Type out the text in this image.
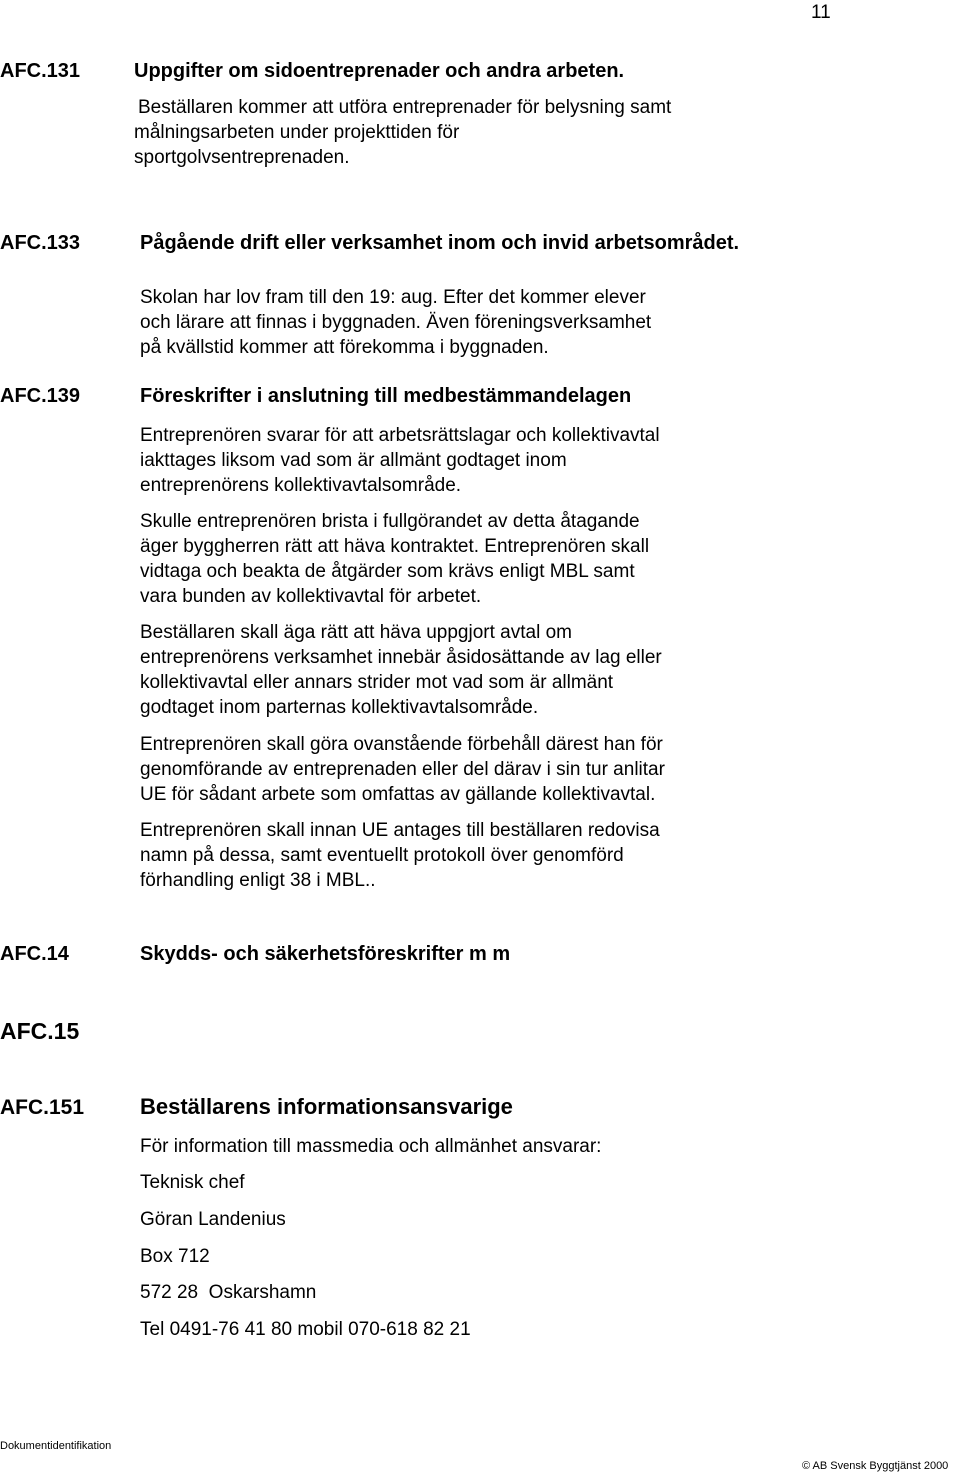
11
AFC.131	Uppgifter om sidoentreprenader och andra arbeten.
Beställaren kommer att utföra entreprenader för belysning samt
målningsarbeten under projekttiden för
sportgolvsentreprenaden.
AFC.133	Pågående drift eller verksamhet inom och invid arbetsområdet.
Skolan har lov fram till den 19: aug. Efter det kommer elever
och lärare att finnas i byggnaden. Även föreningsverksamhet
på kvällstid kommer att förekomma i byggnaden.
AFC.139	Föreskrifter i anslutning till medbestämmandelagen
Entreprenören svarar för att arbetsrättslagar och kollektivavtal
iakttages liksom vad som är allmänt godtaget inom
entreprenörens kollektivavtalsområde.
Skulle entreprenören brista i fullgörandet av detta åtagande
äger byggherren rätt att häva kontraktet. Entreprenören skall
vidtaga och beakta de åtgärder som krävs enligt MBL samt
vara bunden av kollektivavtal för arbetet.
Beställaren skall äga rätt att häva uppgjort avtal om
entreprenörens verksamhet innebär åsidosättande av lag eller
kollektivavtal eller annars strider mot vad som är allmänt
godtaget inom parternas kollektivavtalsområde.
Entreprenören skall göra ovanstående förbehåll därest han för
genomförande av entreprenaden eller del därav i sin tur anlitar
UE för sådant arbete som omfattas av gällande kollektivavtal.
Entreprenören skall innan UE antages till beställaren redovisa
namn på dessa, samt eventuellt protokoll över genomförd
förhandling enligt 38 i MBL..
AFC.14	Skydds- och säkerhetsföreskrifter m m
AFC.15
AFC.151	Beställarens informationsansvarige
För information till massmedia och allmänhet ansvarar:
Teknisk chef
Göran Landenius
Box 712
572 28  Oskarshamn
Tel 0491-76 41 80 mobil 070-618 82 21
Dokumentidentifikation
© AB Svensk Byggtjänst 2000
